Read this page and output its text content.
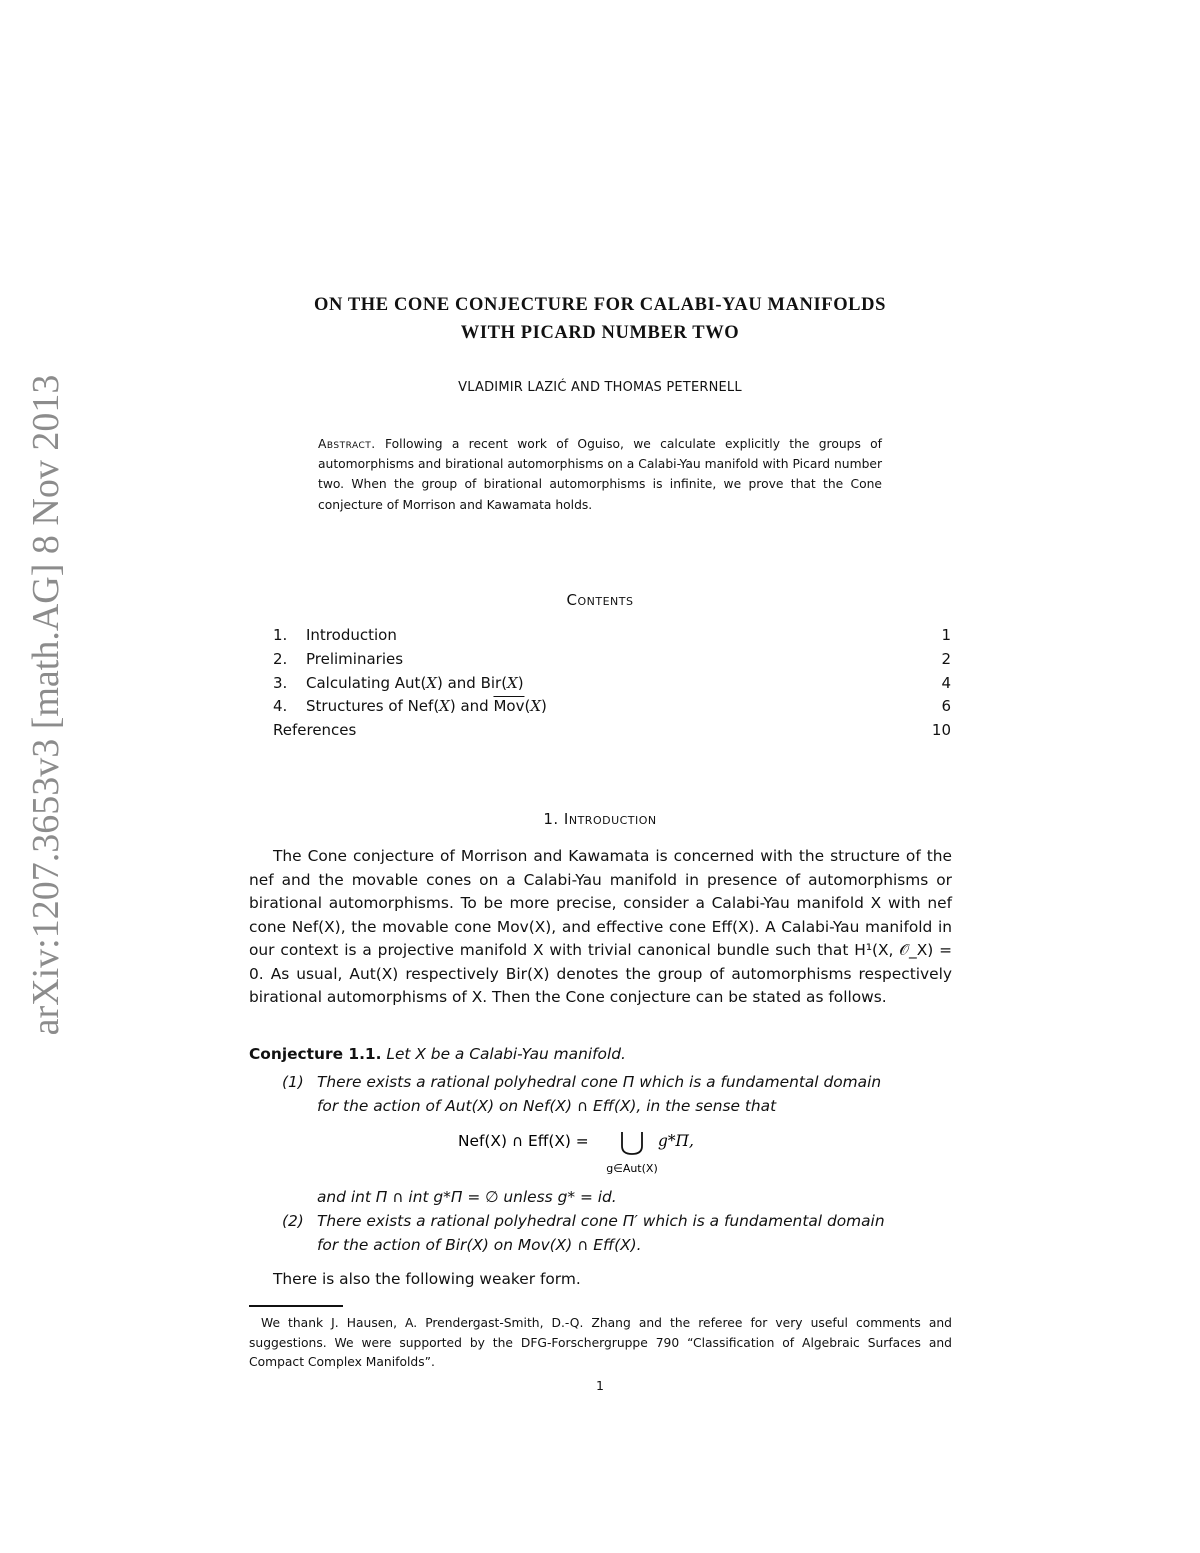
arXiv:1207.3653v3 [math.AG] 8 Nov 2013
ON THE CONE CONJECTURE FOR CALABI-YAU MANIFOLDS
WITH PICARD NUMBER TWO
VLADIMIR LAZIĆ AND THOMAS PETERNELL
Abstract. Following a recent work of Oguiso, we calculate explicitly the groups of automorphisms and birational automorphisms on a Calabi-Yau manifold with Picard number two. When the group of birational automorphisms is infinite, we prove that the Cone conjecture of Morrison and Kawamata holds.
Contents
1.	Introduction	1
2.	Preliminaries	2
3.	Calculating Aut(X) and Bir(X)	4
4.	Structures of Nef(X) and $\overline{Mov}(X)$	6
References	10
1. Introduction
The Cone conjecture of Morrison and Kawamata is concerned with the structure of the nef and the movable cones on a Calabi-Yau manifold in presence of automorphisms or birational automorphisms. To be more precise, consider a Calabi-Yau manifold X with nef cone Nef(X), the movable cone Mov(X), and effective cone Eff(X). A Calabi-Yau manifold in our context is a projective manifold X with trivial canonical bundle such that H¹(X, 𝒪_X) = 0. As usual, Aut(X) respectively Bir(X) denotes the group of automorphisms respectively birational automorphisms of X. Then the Cone conjecture can be stated as follows.
Conjecture 1.1. Let X be a Calabi-Yau manifold.
(1) There exists a rational polyhedral cone Π which is a fundamental domain
for the action of Aut(X) on Nef(X) ∩ Eff(X), in the sense that
Nef(X) ∩ Eff(X) =
g∈Aut(X)
g*Π,
and int Π ∩ int g*Π = ∅ unless g* = id.
(2) There exists a rational polyhedral cone Π′ which is a fundamental domain
for the action of Bir(X) on Mov(X) ∩ Eff(X).
There is also the following weaker form.
We thank J. Hausen, A. Prendergast-Smith, D.-Q. Zhang and the referee for very useful comments and suggestions. We were supported by the DFG-Forschergruppe 790 “Classification of Algebraic Surfaces and Compact Complex Manifolds”.
1
